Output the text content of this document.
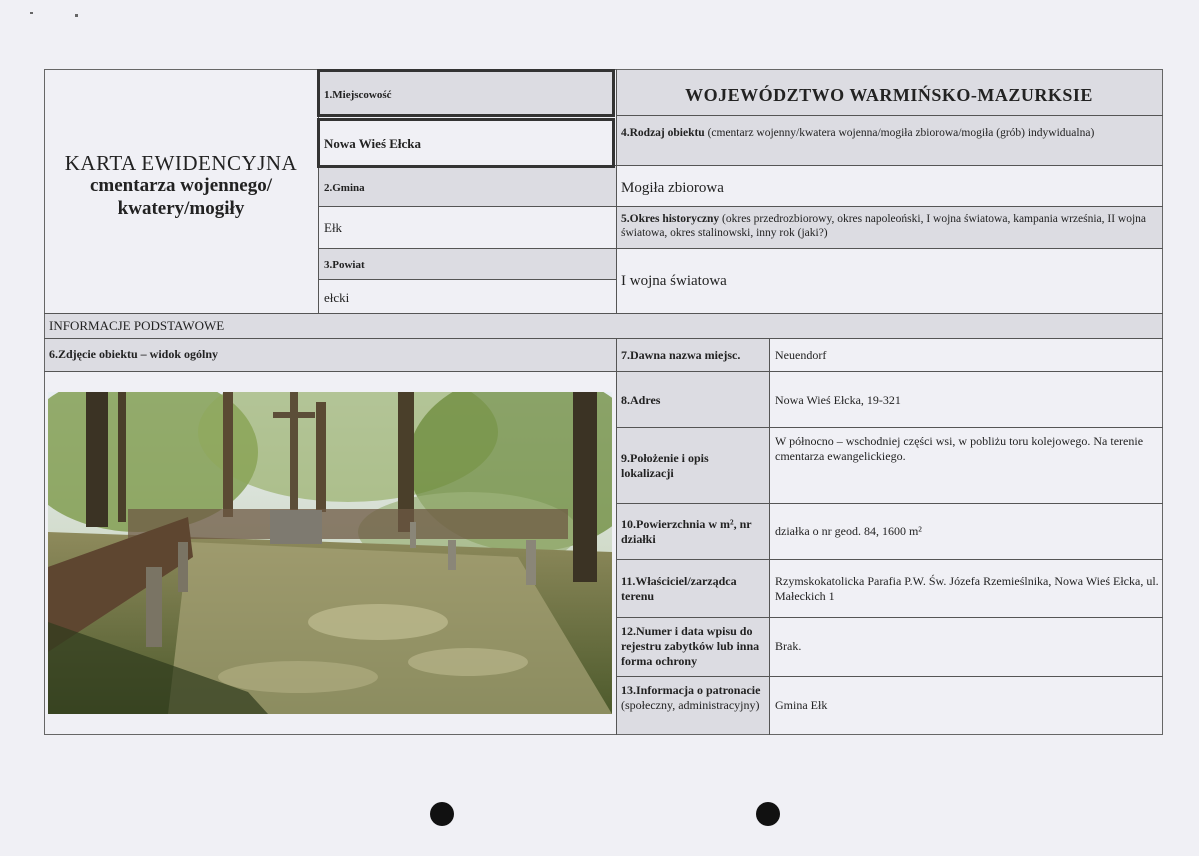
KARTA EWIDENCYJNA
cmentarza wojennego/
kwatery/mogiły
1.Miejscowość
Nowa Wieś Ełcka
2.Gmina
Ełk
3.Powiat
ełcki
WOJEWÓDZTWO WARMIŃSKO-MAZURKSIE
4.Rodzaj obiektu (cmentarz wojenny/kwatera wojenna/mogiła zbiorowa/mogiła (grób) indywidualna)
Mogiła zbiorowa
5.Okres historyczny (okres przedrozbiorowy, okres napoleoński, I wojna światowa, kampania września, II wojna światowa, okres stalinowski, inny rok (jaki?)
I wojna światowa
INFORMACJE PODSTAWOWE
6.Zdjęcie obiektu – widok ogólny	7.Dawna nazwa miejsc.	Neuendorf
8.Adres	Nowa Wieś Ełcka, 19-321
9.Położenie i opis lokalizacji
W północno – wschodniej części wsi, w pobliżu toru kolejowego. Na terenie cmentarza ewangelickiego.
10.Powierzchnia w m², nr działki
działka o nr geod. 84, 1600 m²
11.Właściciel/zarządca terenu
Rzymskokatolicka Parafia P.W. Św. Józefa Rzemieślnika, Nowa Wieś Ełcka, ul. Małeckich 1
12.Numer i data wpisu do rejestru zabytków lub inna forma ochrony
Brak.
13.Informacja o patronacie (społeczny, administracyjny)	Gmina Ełk
